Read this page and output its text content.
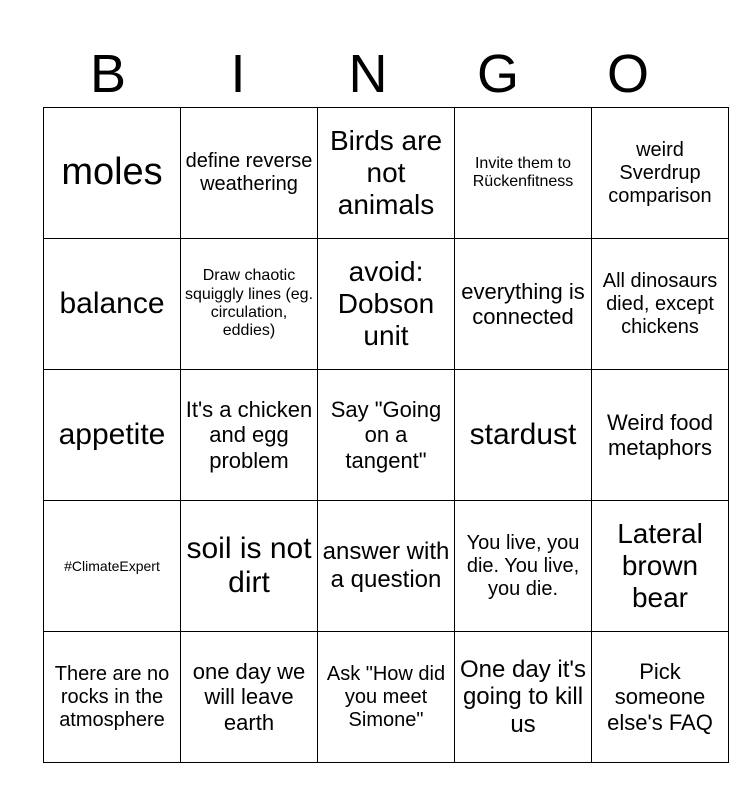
B	I	N	G	O
moles	define reverse weathering	Birds are not animals	Invite them to Rückenfitness	weird Sverdrup comparison
balance	Draw chaotic squiggly lines (eg. circulation, eddies)	avoid: Dobson unit	everything is connected	All dinosaurs died, except chickens
appetite	It's a chicken and egg problem	Say "Going on a tangent"	stardust	Weird food metaphors
#ClimateExpert	soil is not dirt	answer with a question	You live, you die. You live, you die.	Lateral brown bear
There are no rocks in the atmosphere	one day we will leave earth	Ask "How did you meet Simone"	One day it's going to kill us	Pick someone else's FAQ
